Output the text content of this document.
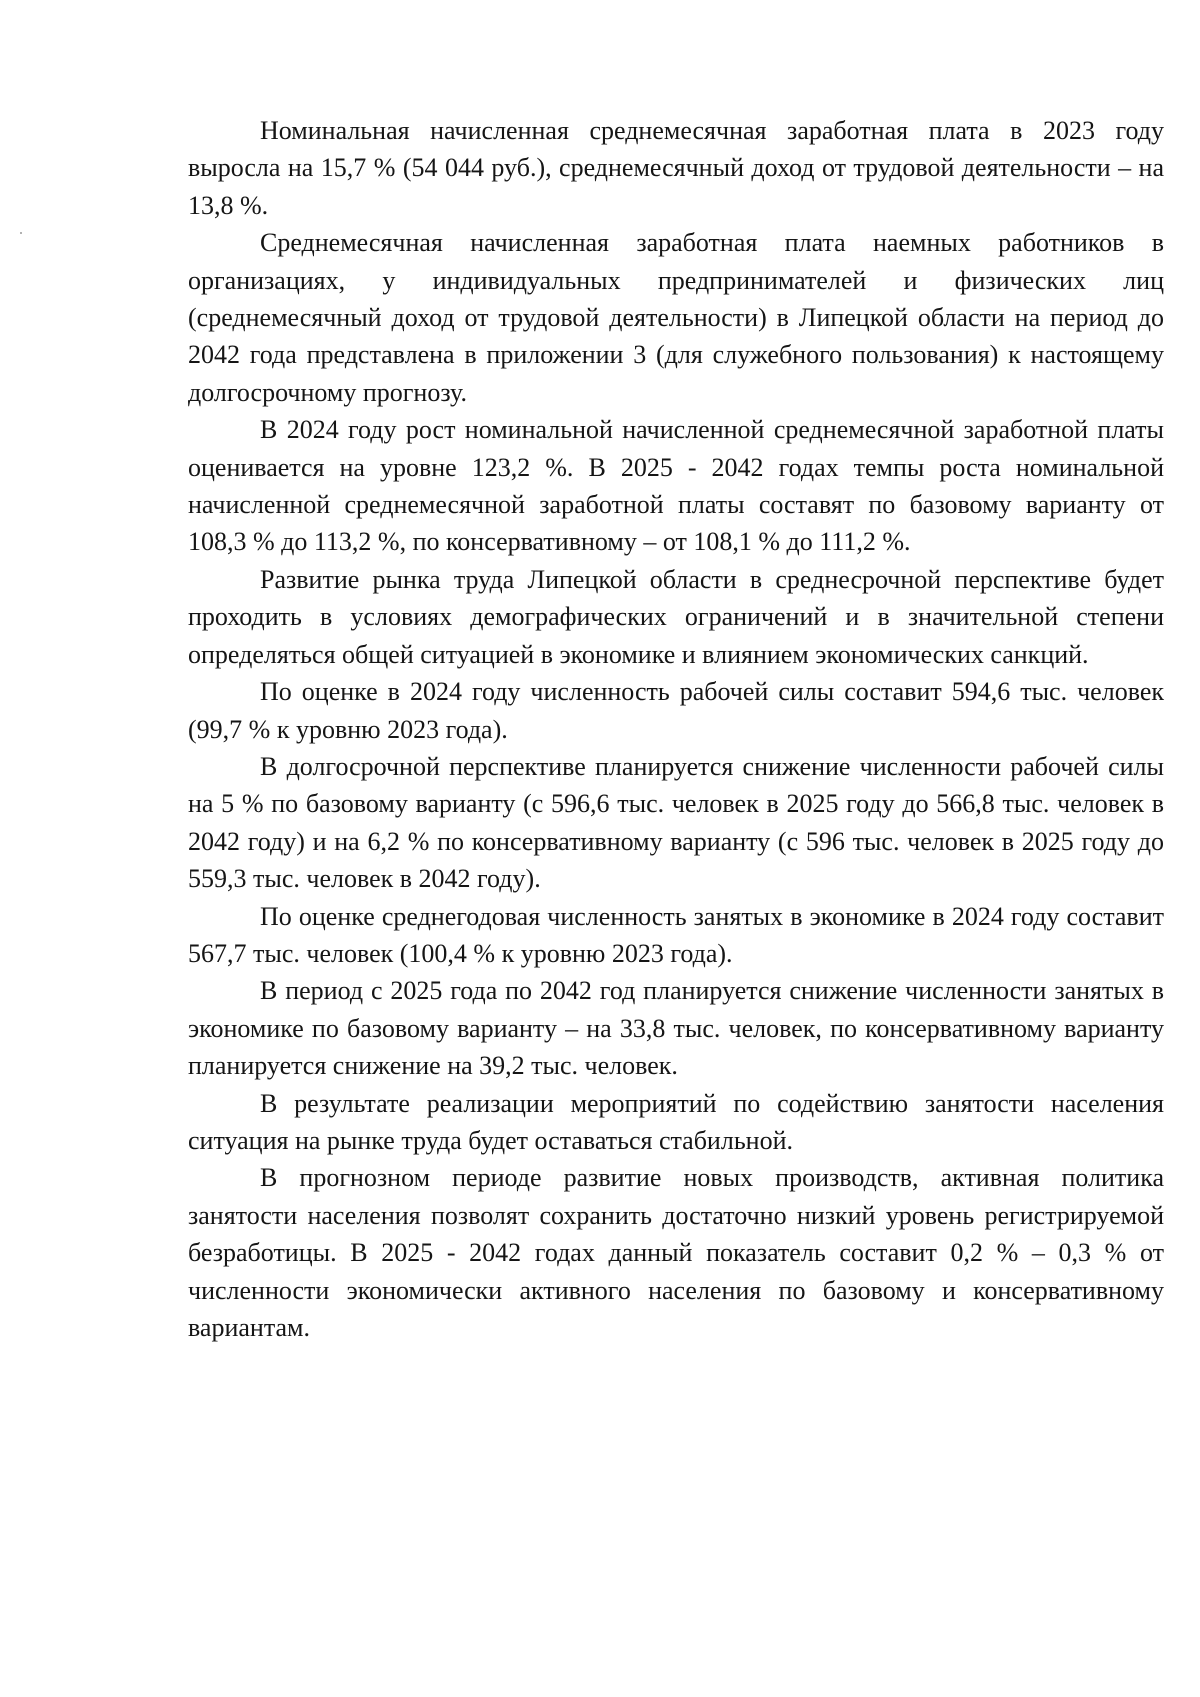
Номинальная начисленная среднемесячная заработная плата в 2023 году выросла на 15,7 % (54 044 руб.), среднемесячный доход от трудовой деятельности – на 13,8 %.

Среднемесячная начисленная заработная плата наемных работников в организациях, у индивидуальных предпринимателей и физических лиц (среднемесячный доход от трудовой деятельности) в Липецкой области на период до 2042 года представлена в приложении 3 (для служебного пользования) к настоящему долгосрочному прогнозу.

В 2024 году рост номинальной начисленной среднемесячной заработной платы оценивается на уровне 123,2 %. В 2025 - 2042 годах темпы роста номинальной начисленной среднемесячной заработной платы составят по базовому варианту от 108,3 % до 113,2 %, по консервативному – от 108,1 % до 111,2 %.

Развитие рынка труда Липецкой области в среднесрочной перспективе будет проходить в условиях демографических ограничений и в значительной степени определяться общей ситуацией в экономике и влиянием экономических санкций.

По оценке в 2024 году численность рабочей силы составит 594,6 тыс. человек (99,7 % к уровню 2023 года).

В долгосрочной перспективе планируется снижение численности рабочей силы на 5 % по базовому варианту (с 596,6 тыс. человек в 2025 году до 566,8 тыс. человек в 2042 году) и на 6,2 % по консервативному варианту (с 596 тыс. человек в 2025 году до 559,3 тыс. человек в 2042 году).

По оценке среднегодовая численность занятых в экономике в 2024 году составит 567,7 тыс. человек (100,4 % к уровню 2023 года).

В период с 2025 года по 2042 год планируется снижение численности занятых в экономике по базовому варианту – на 33,8 тыс. человек, по консервативному варианту планируется снижение на 39,2 тыс. человек.

В результате реализации мероприятий по содействию занятости населения ситуация на рынке труда будет оставаться стабильной.

В прогнозном периоде развитие новых производств, активная политика занятости населения позволят сохранить достаточно низкий уровень регистрируемой безработицы. В 2025 - 2042 годах данный показатель составит 0,2 % – 0,3 % от численности экономически активного населения по базовому и консервативному вариантам.
